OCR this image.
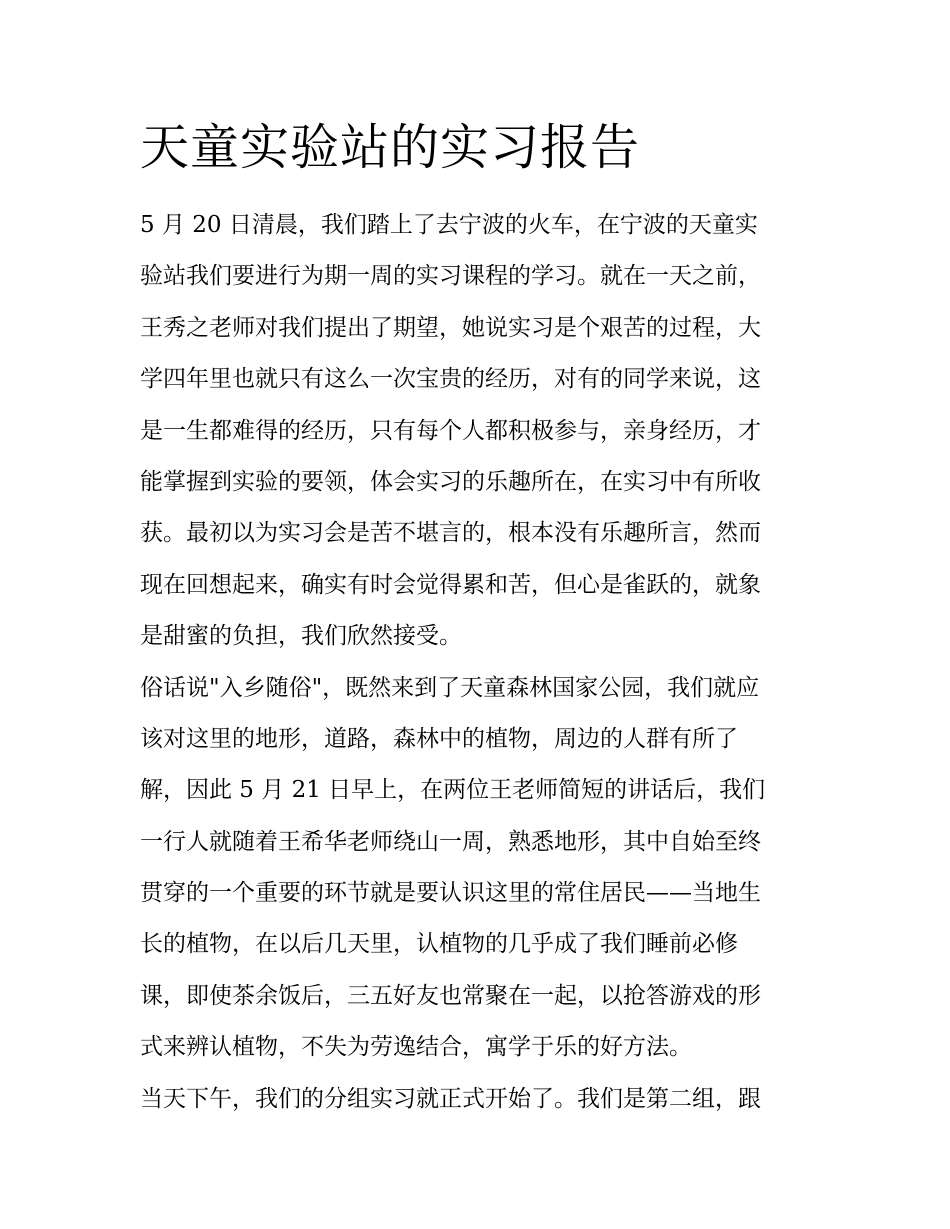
天童实验站的实习报告
5 月 20 日清晨，我们踏上了去宁波的火车，在宁波的天童实
验站我们要进行为期一周的实习课程的学习。就在一天之前，
王秀之老师对我们提出了期望，她说实习是个艰苦的过程，大
学四年里也就只有这么一次宝贵的经历，对有的同学来说，这
是一生都难得的经历，只有每个人都积极参与，亲身经历，才
能掌握到实验的要领，体会实习的乐趣所在，在实习中有所收
获。最初以为实习会是苦不堪言的，根本没有乐趣所言，然而
现在回想起来，确实有时会觉得累和苦，但心是雀跃的，就象
是甜蜜的负担，我们欣然接受。
俗话说"入乡随俗"，既然来到了天童森林国家公园，我们就应
该对这里的地形，道路，森林中的植物，周边的人群有所了
解，因此 5 月 21 日早上，在两位王老师简短的讲话后，我们
一行人就随着王希华老师绕山一周，熟悉地形，其中自始至终
贯穿的一个重要的环节就是要认识这里的常住居民——当地生
长的植物，在以后几天里，认植物的几乎成了我们睡前必修
课，即使茶余饭后，三五好友也常聚在一起，以抢答游戏的形
式来辨认植物，不失为劳逸结合，寓学于乐的好方法。
当天下午，我们的分组实习就正式开始了。我们是第二组，跟
